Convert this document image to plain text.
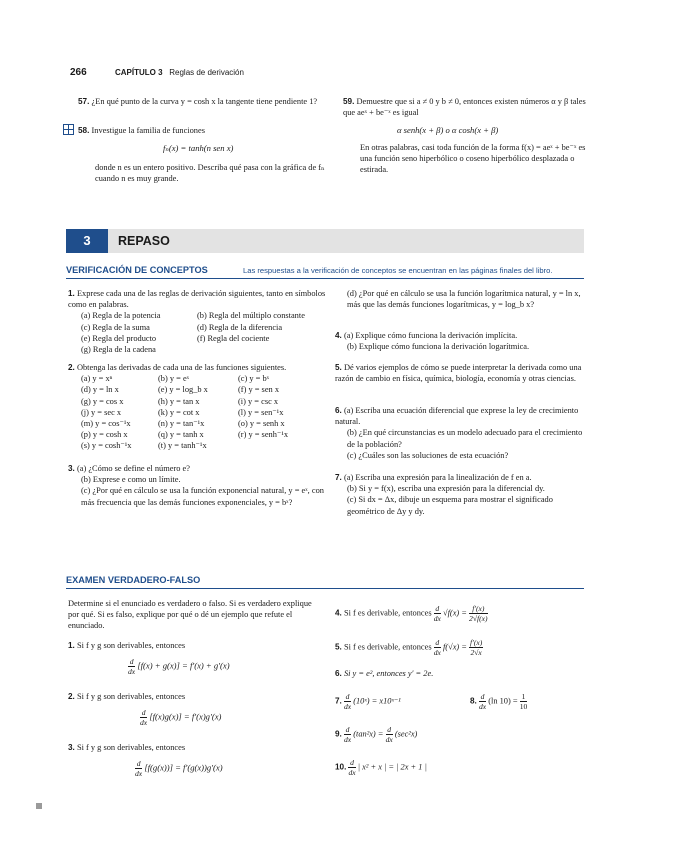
266	CAPÍTULO 3 Reglas de derivación
57. ¿En qué punto de la curva y = cosh x la tangente tiene pendiente 1?
58. Investigue la familia de funciones
fₙ(x) = tanh(n sen x)
donde n es un entero positivo. Describa qué pasa con la gráfica de fₙ cuando n es muy grande.
59. Demuestre que si a ≠ 0 y b ≠ 0, entonces existen números α y β tales que aeˣ + be⁻ˣ es igual
α senh(x + β) o α cosh(x + β)
En otras palabras, casi toda función de la forma f(x) = aeˣ + be⁻ˣ es una función seno hiperbólico o coseno hiperbólico desplazada o estirada.
3	REPASO
VERIFICACIÓN DE CONCEPTOS	Las respuestas a la verificación de conceptos se encuentran en las páginas finales del libro.
1. Exprese cada una de las reglas de derivación siguientes, tanto en símbolos como en palabras.
(a) Regla de la potencia	(b) Regla del múltiplo constante
(c) Regla de la suma	(d) Regla de la diferencia
(e) Regla del producto	(f) Regla del cociente
(g) Regla de la cadena
2. Obtenga las derivadas de cada una de las funciones siguientes.
(a) y = xⁿ	(b) y = eˣ	(c) y = bˣ
(d) y = ln x	(e) y = log_b x	(f) y = sen x
(g) y = cos x	(h) y = tan x	(i) y = csc x
(j) y = sec x	(k) y = cot x	(l) y = sen⁻¹x
(m) y = cos⁻¹x	(n) y = tan⁻¹x	(o) y = senh x
(p) y = cosh x	(q) y = tanh x	(r) y = senh⁻¹x
(s) y = cosh⁻¹x	(t) y = tanh⁻¹x
3. (a) ¿Cómo se define el número e?
(b) Exprese e como un límite.
(c) ¿Por qué en cálculo se usa la función exponencial natural, y = eˣ, con más frecuencia que las demás funciones exponenciales, y = bˣ?
(d) ¿Por qué en cálculo se usa la función logarítmica natural, y = ln x, más que las demás funciones logarítmicas, y = log_b x?
4. (a) Explique cómo funciona la derivación implícita.
(b) Explique cómo funciona la derivación logarítmica.
5. Dé varios ejemplos de cómo se puede interpretar la derivada como una razón de cambio en física, química, biología, economía y otras ciencias.
6. (a) Escriba una ecuación diferencial que exprese la ley de crecimiento natural.
(b) ¿En qué circunstancias es un modelo adecuado para el crecimiento de la población?
(c) ¿Cuáles son las soluciones de esta ecuación?
7. (a) Escriba una expresión para la linealización de f en a.
(b) Si y = f(x), escriba una expresión para la diferencial dy.
(c) Si dx = Δx, dibuje un esquema para mostrar el significado geométrico de Δy y dy.
EXAMEN VERDADERO-FALSO
Determine si el enunciado es verdadero o falso. Si es verdadero explique por qué. Si es falso, explique por qué o dé un ejemplo que refute el enunciado.
1. Si f y g son derivables, entonces
$\frac{d}{dx} [f(x) + g(x)] = f'(x) + g'(x)$
2. Si f y g son derivables, entonces
$\frac{d}{dx} [f(x)g(x)] = f'(x)g'(x)$
3. Si f y g son derivables, entonces
$\frac{d}{dx} [f(g(x))] = f'(g(x))g'(x)$
4. Si f es derivable, entonces $\frac{d}{dx} √f(x) = \frac{f'(x)}{2√f(x)}$
5. Si f es derivable, entonces $\frac{d}{dx} f(√x) = \frac{f'(x)}{2√x}$
6. Si y = e², entonces y′ = 2e.
7. $\frac{d}{dx}$ (10ˣ) = x10ˣ⁻¹	8. $\frac{d}{dx} (\ln$ $10) = \frac{1}{10}$
9. $\frac{d}{dx} (\tan^2x) = \frac{d}{dx} (\sec^2x)$
10. $\frac{d}{dx}$ | x² + x | = | 2x + 1 |
